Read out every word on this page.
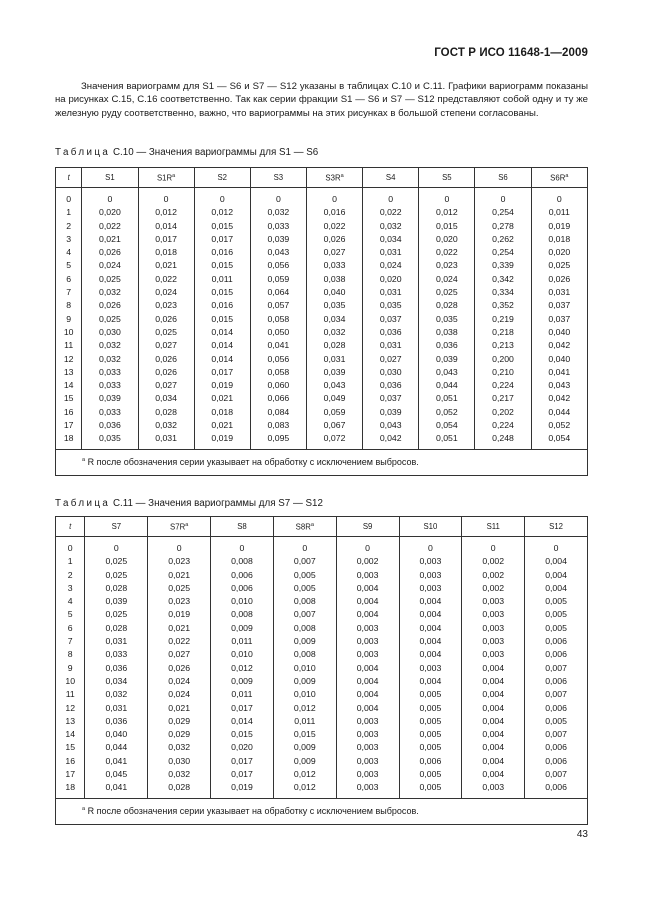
ГОСТ Р ИСО 11648-1—2009
Значения вариограмм для S1 — S6 и S7 — S12 указаны в таблицах С.10 и С.11. Графики вариограмм показаны на рисунках С.15, С.16 соответственно. Так как серии фракции S1 — S6 и S7 — S12 представляют собой одну и ту же железную руду соответственно, важно, что вариограммы на этих рисунках в большой степени согласованы.
Таблица С.10 — Значения вариограммы для S1 — S6
t	S1	$S1R^a$	S2	S3	$S3R^a$	S4	S5	S6	$S6R^a$
0	0	0	0	0	0	0	0	0	0
1	0,020	0,012	0,012	0,032	0,016	0,022	0,012	0,254	0,011
2	0,022	0,014	0,015	0,033	0,022	0,032	0,015	0,278	0,019
3	0,021	0,017	0,017	0,039	0,026	0,034	0,020	0,262	0,018
4	0,026	0,018	0,016	0,043	0,027	0,031	0,022	0,254	0,020
5	0,024	0,021	0,015	0,056	0,033	0,024	0,023	0,339	0,025
6	0,025	0,022	0,011	0,059	0,038	0,020	0,024	0,342	0,026
7	0,032	0,024	0,015	0,064	0,040	0,031	0,025	0,334	0,031
8	0,026	0,023	0,016	0,057	0,035	0,035	0,028	0,352	0,037
9	0,025	0,026	0,015	0,058	0,034	0,037	0,035	0,219	0,037
10	0,030	0,025	0,014	0,050	0,032	0,036	0,038	0,218	0,040
11	0,032	0,027	0,014	0,041	0,028	0,031	0,036	0,213	0,042
12	0,032	0,026	0,014	0,056	0,031	0,027	0,039	0,200	0,040
13	0,033	0,026	0,017	0,058	0,039	0,030	0,043	0,210	0,041
14	0,033	0,027	0,019	0,060	0,043	0,036	0,044	0,224	0,043
15	0,039	0,034	0,021	0,066	0,049	0,037	0,051	0,217	0,042
16	0,033	0,028	0,018	0,084	0,059	0,039	0,052	0,202	0,044
17	0,036	0,032	0,021	0,083	0,067	0,043	0,054	0,224	0,052
18	0,035	0,031	0,019	0,095	0,072	0,042	0,051	0,248	0,054
$^a$ R после обозначения серии указывает на обработку с исключением выбросов.									
Таблица С.11 — Значения вариограммы для S7 — S12
t	S7	$S7R^a$	S8	$S8R^a$	S9	S10	S11	S12
0	0	0	0	0	0	0	0	0
1	0,025	0,023	0,008	0,007	0,002	0,003	0,002	0,004
2	0,025	0,021	0,006	0,005	0,003	0,003	0,002	0,004
3	0,028	0,025	0,006	0,005	0,004	0,003	0,002	0,004
4	0,039	0,023	0,010	0,008	0,004	0,004	0,003	0,005
5	0,025	0,019	0,008	0,007	0,004	0,004	0,003	0,005
6	0,028	0,021	0,009	0,008	0,003	0,004	0,003	0,005
7	0,031	0,022	0,011	0,009	0,003	0,004	0,003	0,006
8	0,033	0,027	0,010	0,008	0,003	0,004	0,003	0,006
9	0,036	0,026	0,012	0,010	0,004	0,003	0,004	0,007
10	0,034	0,024	0,009	0,009	0,004	0,004	0,004	0,006
11	0,032	0,024	0,011	0,010	0,004	0,005	0,004	0,007
12	0,031	0,021	0,017	0,012	0,004	0,005	0,004	0,006
13	0,036	0,029	0,014	0,011	0,003	0,005	0,004	0,005
14	0,040	0,029	0,015	0,015	0,003	0,005	0,004	0,007
15	0,044	0,032	0,020	0,009	0,003	0,005	0,004	0,006
16	0,041	0,030	0,017	0,009	0,003	0,006	0,004	0,006
17	0,045	0,032	0,017	0,012	0,003	0,005	0,004	0,007
18	0,041	0,028	0,019	0,012	0,003	0,005	0,003	0,006
$^a$ R после обозначения серии указывает на обработку с исключением выбросов.								
43
